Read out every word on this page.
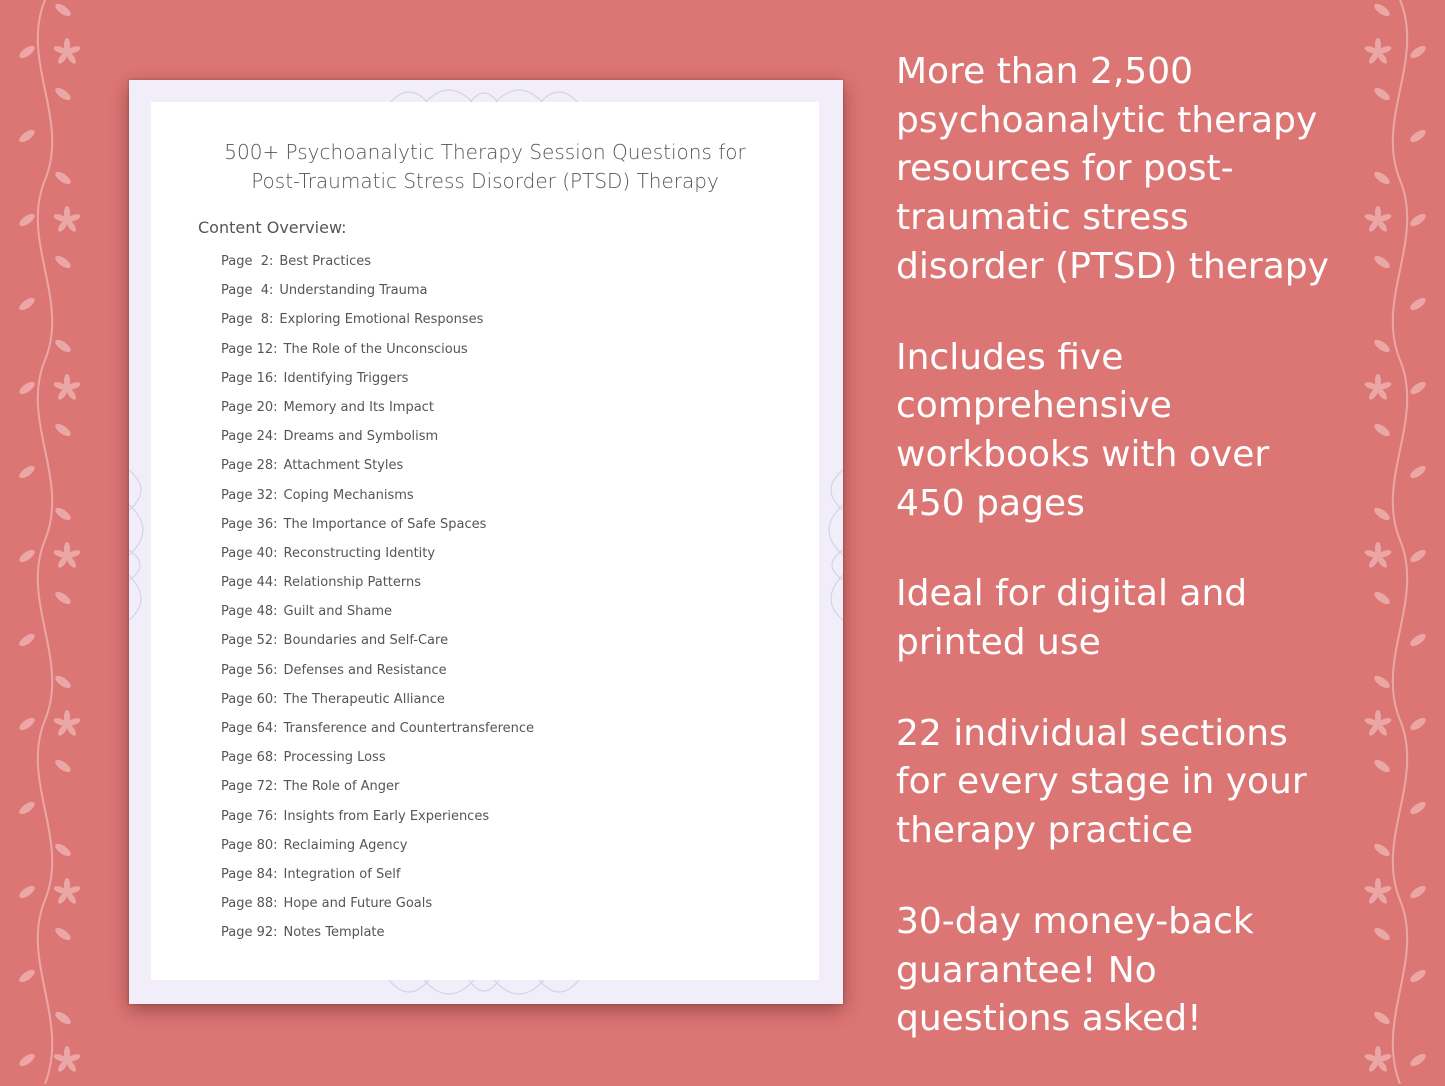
500+ Psychoanalytic Therapy Session Questions for
Post-Traumatic Stress Disorder (PTSD) Therapy
Content Overview:
Page  2: Best Practices
Page  4: Understanding Trauma
Page  8: Exploring Emotional Responses
Page 12: The Role of the Unconscious
Page 16: Identifying Triggers
Page 20: Memory and Its Impact
Page 24: Dreams and Symbolism
Page 28: Attachment Styles
Page 32: Coping Mechanisms
Page 36: The Importance of Safe Spaces
Page 40: Reconstructing Identity
Page 44: Relationship Patterns
Page 48: Guilt and Shame
Page 52: Boundaries and Self-Care
Page 56: Defenses and Resistance
Page 60: The Therapeutic Alliance
Page 64: Transference and Countertransference
Page 68: Processing Loss
Page 72: The Role of Anger
Page 76: Insights from Early Experiences
Page 80: Reclaiming Agency
Page 84: Integration of Self
Page 88: Hope and Future Goals
Page 92: Notes Template
More than 2,500
psychoanalytic therapy
resources for post-
traumatic stress
disorder (PTSD) therapy
Includes five
comprehensive
workbooks with over
450 pages
Ideal for digital and
printed use
22 individual sections
for every stage in your
therapy practice
30-day money-back
guarantee! No
questions asked!
